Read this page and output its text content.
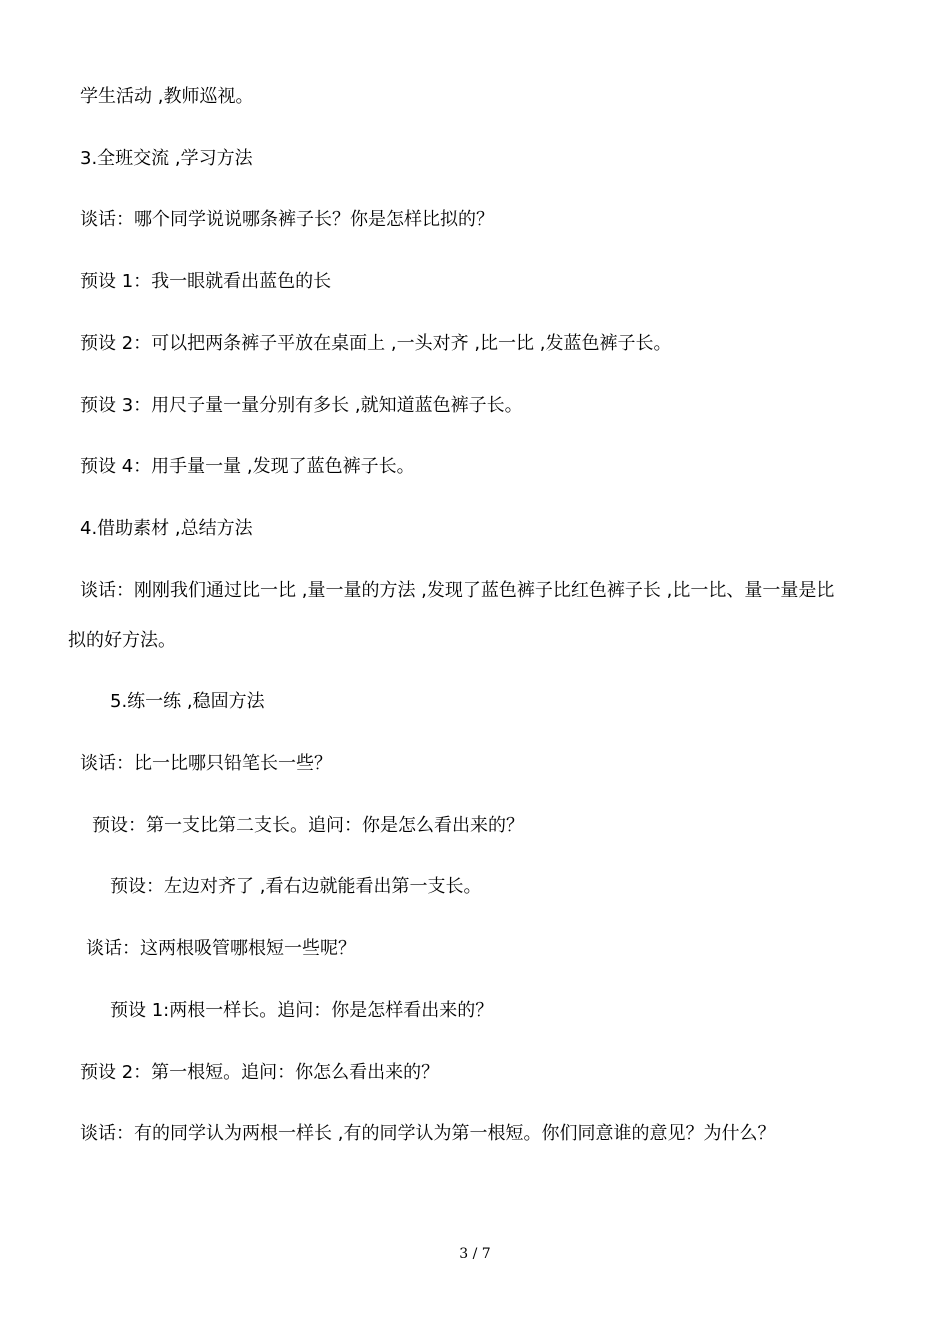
学生活动 ,教师巡视。
3.全班交流 ,学习方法
谈话：哪个同学说说哪条裤子长？你是怎样比拟的？
预设 1：我一眼就看出蓝色的长
预设 2：可以把两条裤子平放在桌面上 ,一头对齐 ,比一比 ,发蓝色裤子长。
预设 3：用尺子量一量分别有多长 ,就知道蓝色裤子长。
预设 4：用手量一量 ,发现了蓝色裤子长。
4.借助素材 ,总结方法
谈话：刚刚我们通过比一比 ,量一量的方法 ,发现了蓝色裤子比红色裤子长 ,比一比、量一量是比
拟的好方法。
5.练一练 ,稳固方法
谈话：比一比哪只铅笔长一些？
预设：第一支比第二支长。追问：你是怎么看出来的？
预设：左边对齐了 ,看右边就能看出第一支长。
谈话：这两根吸管哪根短一些呢？
预设 1:两根一样长。追问：你是怎样看出来的？
预设 2：第一根短。追问：你怎么看出来的？
谈话：有的同学认为两根一样长 ,有的同学认为第一根短。你们同意谁的意见？为什么？
3 / 7
